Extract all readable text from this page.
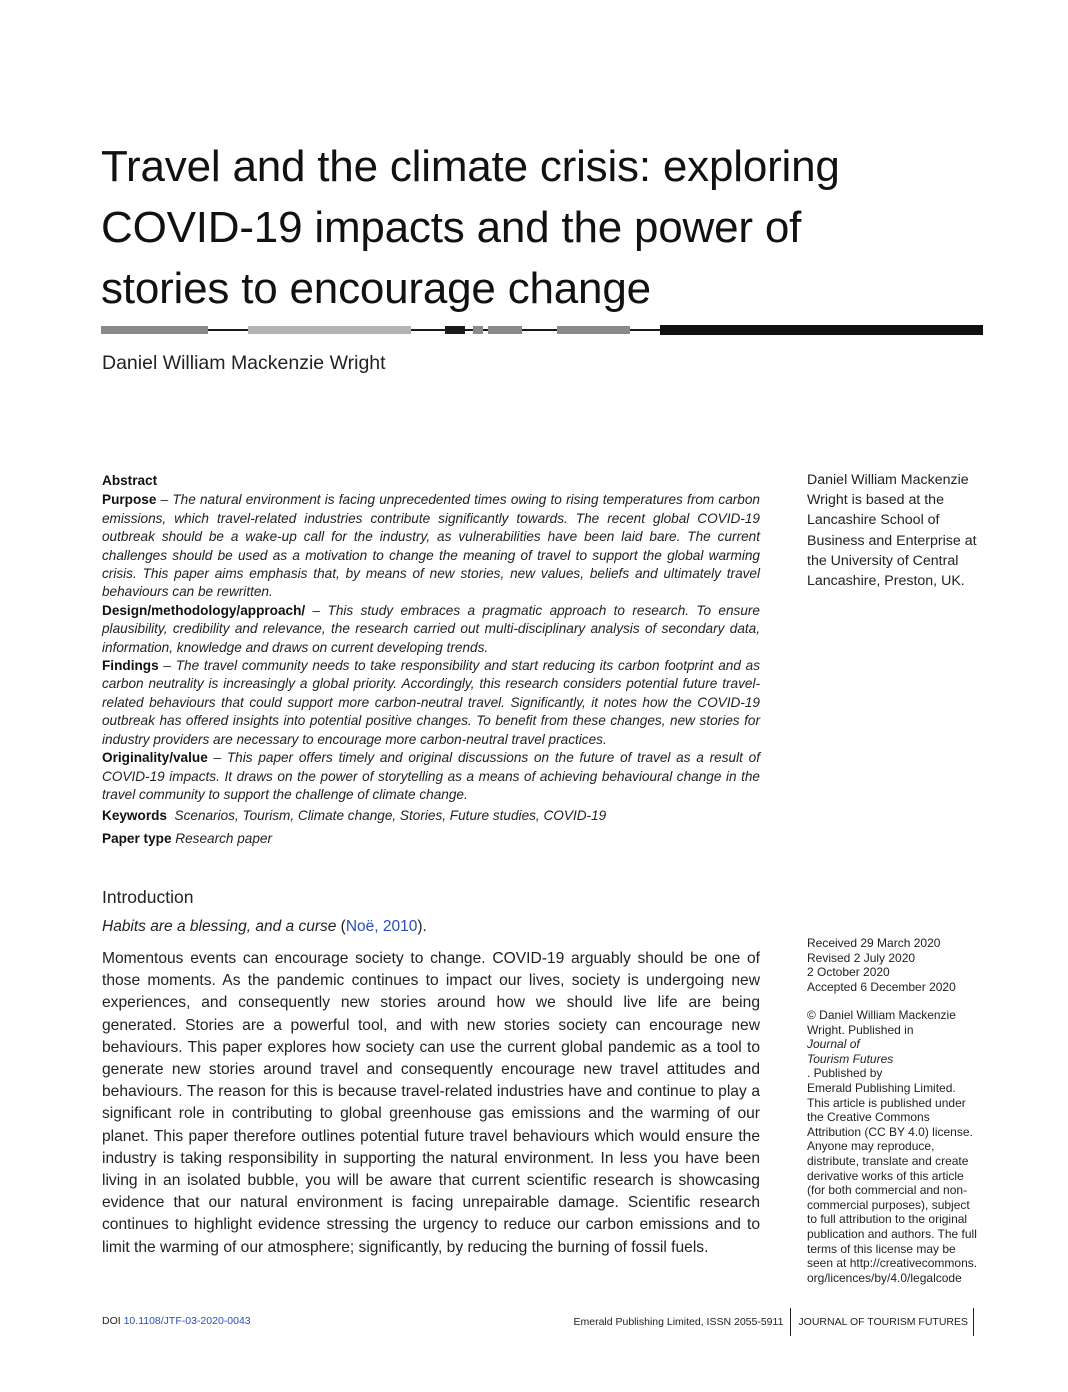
Travel and the climate crisis: exploring
COVID-19 impacts and the power of
stories to encourage change
Daniel William Mackenzie Wright

Abstract

Purpose – The natural environment is facing unprecedented times owing to rising temperatures from carbon emissions, which travel-related industries contribute significantly towards. The recent global COVID-19 outbreak should be a wake-up call for the industry, as vulnerabilities have been laid bare. The current challenges should be used as a motivation to change the meaning of travel to support the global warming crisis. This paper aims emphasis that, by means of new stories, new values, beliefs and ultimately travel behaviours can be rewritten.

Design/methodology/approach/ – This study embraces a pragmatic approach to research. To ensure plausibility, credibility and relevance, the research carried out multi-disciplinary analysis of secondary data, information, knowledge and draws on current developing trends.

Findings – The travel community needs to take responsibility and start reducing its carbon footprint and as carbon neutrality is increasingly a global priority. Accordingly, this research considers potential future travel-related behaviours that could support more carbon-neutral travel. Significantly, it notes how the COVID-19 outbreak has offered insights into potential positive changes. To benefit from these changes, new stories for industry providers are necessary to encourage more carbon-neutral travel practices.

Originality/value – This paper offers timely and original discussions on the future of travel as a result of COVID-19 impacts. It draws on the power of storytelling as a means of achieving behavioural change in the travel community to support the challenge of climate change.

Keywords Scenarios, Tourism, Climate change, Stories, Future studies, COVID-19

Paper type Research paper

Daniel William Mackenzie
Wright is based at the
Lancashire School of
Business and Enterprise at
the University of Central
Lancashire, Preston, UK.
Introduction
Habits are a blessing, and a curse (Noë, 2010).

Momentous events can encourage society to change. COVID-19 arguably should be one of those moments. As the pandemic continues to impact our lives, society is undergoing new experiences, and consequently new stories around how we should live life are being generated. Stories are a powerful tool, and with new stories society can encourage new behaviours. This paper explores how society can use the current global pandemic as a tool to generate new stories around travel and consequently encourage new travel attitudes and behaviours. The reason for this is because travel-related industries have and continue to play a significant role in contributing to global greenhouse gas emissions and the warming of our planet. This paper therefore outlines potential future travel behaviours which would ensure the industry is taking responsibility in supporting the natural environment. In less you have been living in an isolated bubble, you will be aware that current scientific research is showcasing evidence that our natural environment is facing unrepairable damage. Scientific research continues to highlight evidence stressing the urgency to reduce our carbon emissions and to limit the warming of our atmosphere; significantly, by reducing the burning of fossil fuels.

Received 29 March 2020
Revised 2 July 2020
2 October 2020
Accepted 6 December 2020
© Daniel William Mackenzie
Wright. Published in
Journal of
Tourism Futures
. Published by
Emerald Publishing Limited.
This article is published under
the Creative Commons
Attribution (CC BY 4.0) license.
Anyone may reproduce,
distribute, translate and create
derivative works of this article
(for both commercial and non-
commercial purposes), subject
to full attribution to the original
publication and authors. The full
terms of this license may be
seen at http://creativecommons.
org/licences/by/4.0/legalcode
DOI 10.1108/JTF-03-2020-0043	Emerald Publishing Limited, ISSN 2055-5911 JOURNAL OF TOURISM FUTURES
